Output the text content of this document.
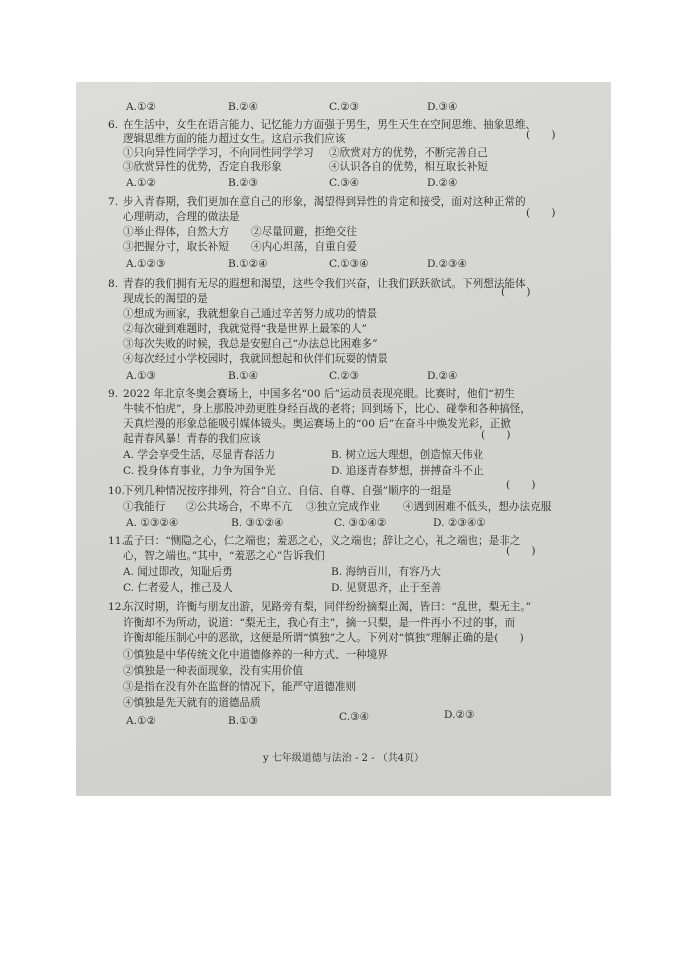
A.①②	B.②④	C.②③	D.③④
6. 在生活中，女生在语言能力、记忆能力方面强于男生，男生天生在空间思维、抽象思维、
逻辑思维方面的能力超过女生。这启示我们应该	(　　)
①只向异性同学学习，不向同性同学学习 ②欣赏对方的优势，不断完善自己
③欣赏异性的优势，否定自我形象	④认识各自的优势，相互取长补短
A.①②	B.②③	C.③④	D.②④
7. 步入青春期，我们更加在意自己的形象，渴望得到异性的肯定和接受，面对这种正常的
心理萌动，合理的做法是	(　　)
①举止得体，自然大方 ②尽量回避，拒绝交往
③把握分寸，取长补短 ④内心坦荡，自重自爱
A.①②③	B.①②④	C.①③④	D.②③④
8. 青春的我们拥有无尽的遐想和渴望，这些令我们兴奋，让我们跃跃欲试。下列想法能体
现成长的渴望的是
(　　)
①想成为画家，我就想象自己通过辛苦努力成功的情景
②每次碰到难题时，我就觉得“我是世界上最笨的人”
③每次失败的时候，我总是安慰自己“办法总比困难多”
④每次经过小学校园时，我就回想起和伙伴们玩耍的情景
A.①③	B.①④	C.②③	D.②④
9. 2022 年北京冬奥会赛场上，中国多名“00 后”运动员表现亮眼。比赛时，他们“初生
牛犊不怕虎”，身上那股冲劲更胜身经百战的老将；回到场下，比心、碰拳和各种搞怪，
天真烂漫的形象总能吸引媒体镜头。奥运赛场上的“00 后”在奋斗中焕发光彩，正掀
起青春风暴！青春的我们应该	(　　)
A. 学会享受生活，尽显青春活力	B. 树立远大理想，创造惊天伟业
C. 投身体育事业，力争为国争光	D. 追逐青春梦想，拼搏奋斗不止
10.下列几种情况按序排列，符合“自立、自信、自尊、自强”顺序的一组是	(　　)
①我能行 ②公共场合，不卑不亢 ③独立完成作业 ④遇到困难不低头，想办法克服
A. ①③②④	B. ③①②④	C. ③①④②	D. ②③④①
11.孟子曰：“恻隐之心，仁之端也；羞恶之心，义之端也；辞让之心，礼之端也；是非之
心，智之端也。”其中，“羞恶之心”告诉我们	(　　)
A. 闻过即改，知耻后勇	B. 海纳百川，有容乃大
C. 仁者爱人，推己及人	D. 见贤思齐，止于至善
12.东汉时期，许衡与朋友出游，见路旁有梨，同伴纷纷摘梨止渴，皆曰：“乱世，梨无主。”
许衡却不为所动，说道：“梨无主，我心有主”，摘一只梨，是一件再小不过的事，而
许衡却能压制心中的恶欲，这便是所谓“慎独”之人。下列对“慎独”理解正确的是(　　)
①慎独是中华传统文化中道德修养的一种方式、一种境界
②慎独是一种表面现象，没有实用价值
③是指在没有外在监督的情况下，能严守道德准则
④慎独是先天就有的道德品质
A.①②	B.①③	C.③④	D.②③
y 七年级道德与法治 - 2 - （共4页）
